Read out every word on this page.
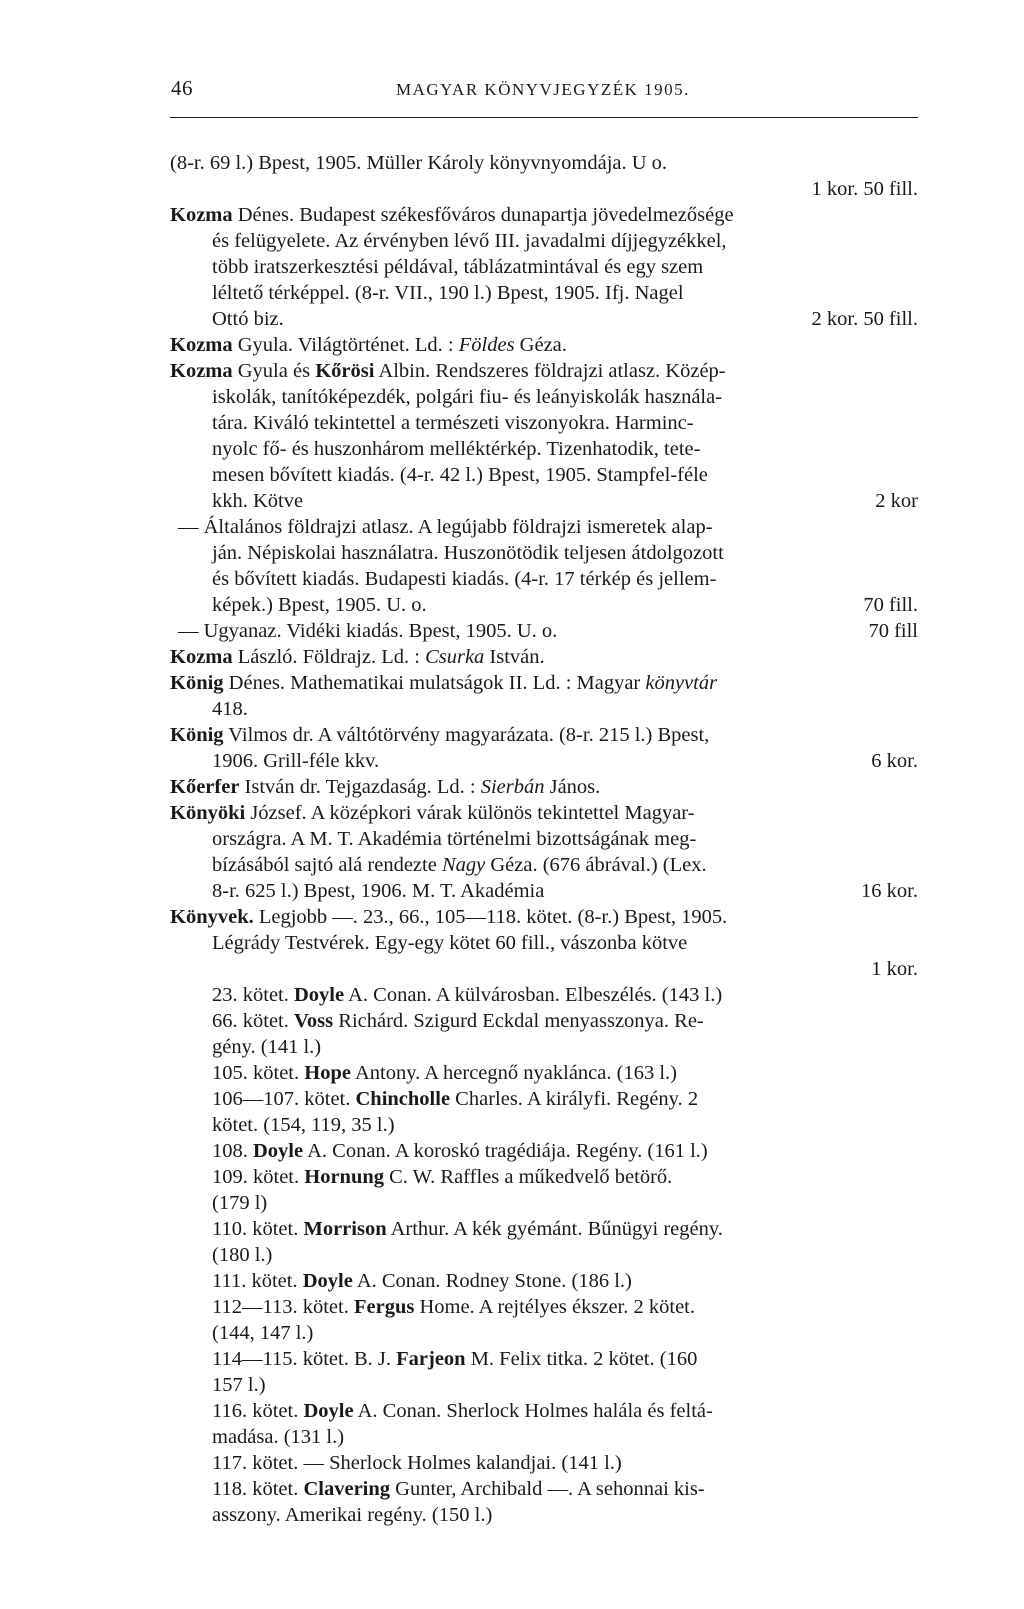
46	MAGYAR KÖNYVJEGYZÉK 1905.
(8-r. 69 l.) Bpest, 1905. Müller Károly könyvnyomdája. U o.
1 kor. 50 fill.
Kozma Dénes. Budapest székesfőváros dunapartja jövedelmezősége
és felügyelete. Az érvényben lévő III. javadalmi díjjegyzékkel,
több iratszerkesztési példával, táblázatmintával és egy szem
léltető térképpel. (8-r. VII., 190 l.) Bpest, 1905. Ifj. Nagel
Ottó biz.	2 kor. 50 fill.
Kozma Gyula. Világtörténet. Ld. : Földes Géza.
Kozma Gyula és Kőrösi Albin. Rendszeres földrajzi atlasz. Közép-
iskolák, tanítóképezdék, polgári fiu- és leányiskolák használa-
tára. Kiváló tekintettel a természeti viszonyokra. Harminc-
nyolc fő- és huszonhárom melléktérkép. Tizenhatodik, tete-
mesen bővített kiadás. (4-r. 42 l.) Bpest, 1905. Stampfel-féle
kkh. Kötve	2 kor
— Általános földrajzi atlasz. A legújabb földrajzi ismeretek alap-
ján. Népiskolai használatra. Huszonötödik teljesen átdolgozott
és bővített kiadás. Budapesti kiadás. (4-r. 17 térkép és jellem-
képek.) Bpest, 1905. U. o.	70 fill.
— Ugyanaz. Vidéki kiadás. Bpest, 1905. U. o.	70 fill
Kozma László. Földrajz. Ld. : Csurka István.
König Dénes. Mathematikai mulatságok II. Ld. : Magyar könyvtár
418.
König Vilmos dr. A váltótörvény magyarázata. (8-r. 215 l.) Bpest,
1906. Grill-féle kkv.	6 kor.
Kőerfer István dr. Tejgazdaság. Ld. : Sierbán János.
Könyöki József. A középkori várak különös tekintettel Magyar-
országra. A M. T. Akadémia történelmi bizottságának meg-
bízásából sajtó alá rendezte Nagy Géza. (676 ábrával.) (Lex.
8-r. 625 l.) Bpest, 1906. M. T. Akadémia	16 kor.
Könyvek. Legjobb —. 23., 66., 105—118. kötet. (8-r.) Bpest, 1905.
Légrády Testvérek. Egy-egy kötet 60 fill., vászonba kötve
1 kor.
23. kötet. Doyle A. Conan. A külvárosban. Elbeszélés. (143 l.)
66. kötet. Voss Richárd. Szigurd Eckdal menyasszonya. Re-
gény. (141 l.)
105. kötet. Hope Antony. A hercegnő nyaklánca. (163 l.)
106—107. kötet. Chincholle Charles. A királyfi. Regény. 2
kötet. (154, 119, 35 l.)
108. Doyle A. Conan. A koroskó tragédiája. Regény. (161 l.)
109. kötet. Hornung C. W. Raffles a műkedvelő betörő.
(179 l)
110. kötet. Morrison Arthur. A kék gyémánt. Bűnügyi regény.
(180 l.)
111. kötet. Doyle A. Conan. Rodney Stone. (186 l.)
112—113. kötet. Fergus Home. A rejtélyes ékszer. 2 kötet.
(144, 147 l.)
114—115. kötet. B. J. Farjeon M. Felix titka. 2 kötet. (160
157 l.)
116. kötet. Doyle A. Conan. Sherlock Holmes halála és feltá-
madása. (131 l.)
117. kötet. — Sherlock Holmes kalandjai. (141 l.)
118. kötet. Clavering Gunter, Archibald —. A sehonnai kis-
asszony. Amerikai regény. (150 l.)
